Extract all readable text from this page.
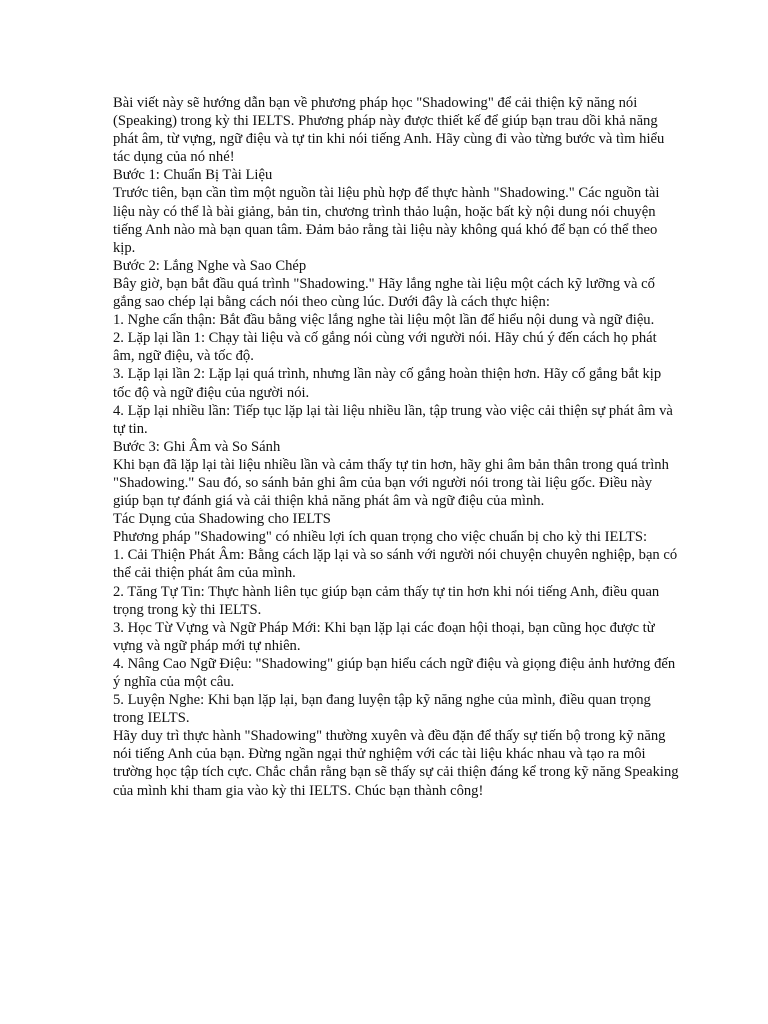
Bài viết này sẽ hướng dẫn bạn về phương pháp học "Shadowing" để cải thiện kỹ năng nói (Speaking) trong kỳ thi IELTS. Phương pháp này được thiết kế để giúp bạn trau dồi khả năng phát âm, từ vựng, ngữ điệu và tự tin khi nói tiếng Anh. Hãy cùng đi vào từng bước và tìm hiểu tác dụng của nó nhé!

Bước 1: Chuẩn Bị Tài Liệu

Trước tiên, bạn cần tìm một nguồn tài liệu phù hợp để thực hành "Shadowing." Các nguồn tài liệu này có thể là bài giảng, bản tin, chương trình thảo luận, hoặc bất kỳ nội dung nói chuyện tiếng Anh nào mà bạn quan tâm. Đảm bảo rằng tài liệu này không quá khó để bạn có thể theo kịp.

Bước 2: Lắng Nghe và Sao Chép

Bây giờ, bạn bắt đầu quá trình "Shadowing." Hãy lắng nghe tài liệu một cách kỹ lưỡng và cố gắng sao chép lại bằng cách nói theo cùng lúc. Dưới đây là cách thực hiện:

1. Nghe cẩn thận: Bắt đầu bằng việc lắng nghe tài liệu một lần để hiểu nội dung và ngữ điệu.

2. Lặp lại lần 1: Chạy tài liệu và cố gắng nói cùng với người nói. Hãy chú ý đến cách họ phát âm, ngữ điệu, và tốc độ.

3. Lặp lại lần 2: Lặp lại quá trình, nhưng lần này cố gắng hoàn thiện hơn. Hãy cố gắng bắt kịp tốc độ và ngữ điệu của người nói.

4. Lặp lại nhiều lần: Tiếp tục lặp lại tài liệu nhiều lần, tập trung vào việc cải thiện sự phát âm và tự tin.

Bước 3: Ghi Âm và So Sánh

Khi bạn đã lặp lại tài liệu nhiều lần và cảm thấy tự tin hơn, hãy ghi âm bản thân trong quá trình "Shadowing." Sau đó, so sánh bản ghi âm của bạn với người nói trong tài liệu gốc. Điều này giúp bạn tự đánh giá và cải thiện khả năng phát âm và ngữ điệu của mình.

Tác Dụng của Shadowing cho IELTS

Phương pháp "Shadowing" có nhiều lợi ích quan trọng cho việc chuẩn bị cho kỳ thi IELTS:

1. Cải Thiện Phát Âm: Bằng cách lặp lại và so sánh với người nói chuyện chuyên nghiệp, bạn có thể cải thiện phát âm của mình.

2. Tăng Tự Tin: Thực hành liên tục giúp bạn cảm thấy tự tin hơn khi nói tiếng Anh, điều quan trọng trong kỳ thi IELTS.

3. Học Từ Vựng và Ngữ Pháp Mới: Khi bạn lặp lại các đoạn hội thoại, bạn cũng học được từ vựng và ngữ pháp mới tự nhiên.

4. Nâng Cao Ngữ Điệu: "Shadowing" giúp bạn hiểu cách ngữ điệu và giọng điệu ảnh hưởng đến ý nghĩa của một câu.

5. Luyện Nghe: Khi bạn lặp lại, bạn đang luyện tập kỹ năng nghe của mình, điều quan trọng trong IELTS.

Hãy duy trì thực hành "Shadowing" thường xuyên và đều đặn để thấy sự tiến bộ trong kỹ năng nói tiếng Anh của bạn. Đừng ngần ngại thử nghiệm với các tài liệu khác nhau và tạo ra môi trường học tập tích cực. Chắc chắn rằng bạn sẽ thấy sự cải thiện đáng kể trong kỹ năng Speaking của mình khi tham gia vào kỳ thi IELTS. Chúc bạn thành công!
